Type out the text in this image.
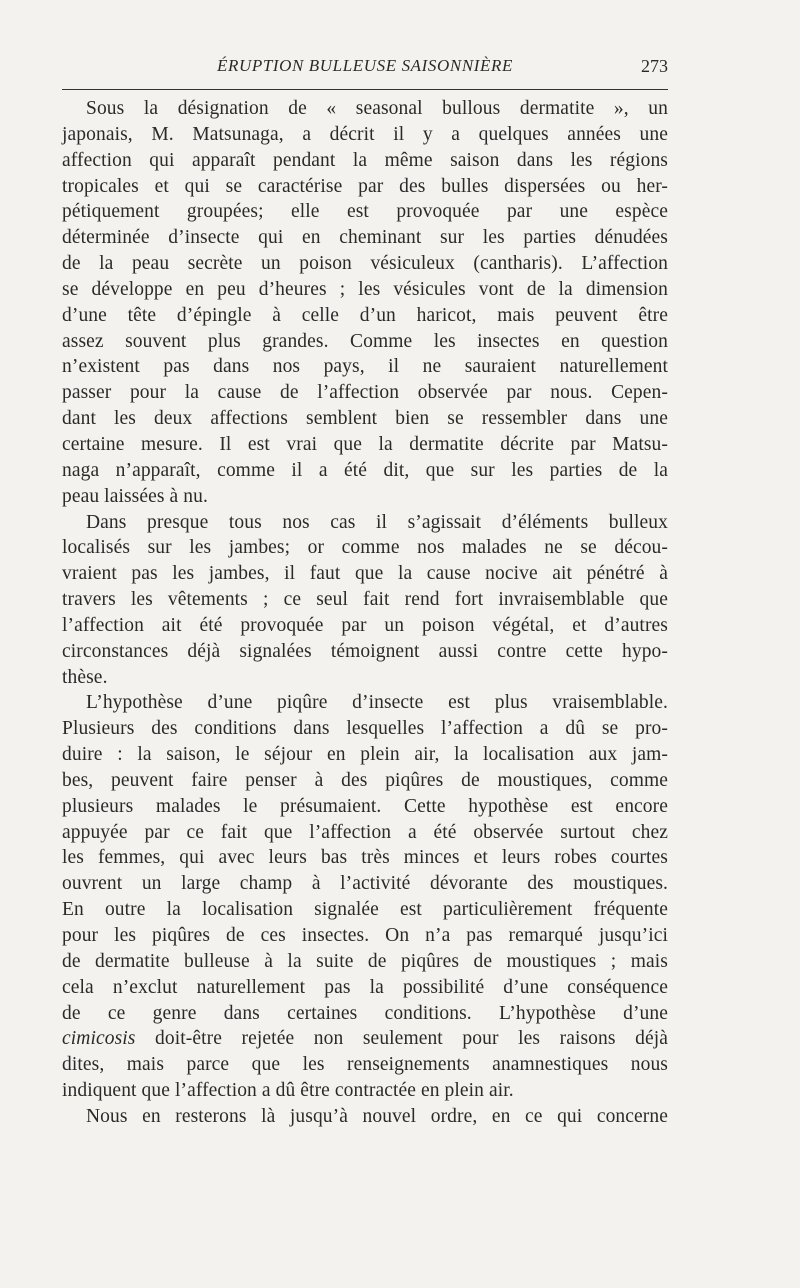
ÉRUPTION BULLEUSE SAISONNIÈRE	273
Sous la désignation de « seasonal bullous dermatite », un
japonais, M. Matsunaga, a décrit il y a quelques années une
affection qui apparaît pendant la même saison dans les régions
tropicales et qui se caractérise par des bulles dispersées ou her-
pétiquement groupées; elle est provoquée par une espèce
déterminée d’insecte qui en cheminant sur les parties dénudées
de la peau secrète un poison vésiculeux (cantharis). L’affection
se développe en peu d’heures ; les vésicules vont de la dimension
d’une tête d’épingle à celle d’un haricot, mais peuvent être
assez souvent plus grandes. Comme les insectes en question
n’existent pas dans nos pays, il ne sauraient naturellement
passer pour la cause de l’affection observée par nous. Cepen-
dant les deux affections semblent bien se ressembler dans une
certaine mesure. Il est vrai que la dermatite décrite par Matsu-
naga n’apparaît, comme il a été dit, que sur les parties de la
peau laissées à nu.
Dans presque tous nos cas il s’agissait d’éléments bulleux
localisés sur les jambes; or comme nos malades ne se décou-
vraient pas les jambes, il faut que la cause nocive ait pénétré à
travers les vêtements ; ce seul fait rend fort invraisemblable que
l’affection ait été provoquée par un poison végétal, et d’autres
circonstances déjà signalées témoignent aussi contre cette hypo-
thèse.
L’hypothèse d’une piqûre d’insecte est plus vraisemblable.
Plusieurs des conditions dans lesquelles l’affection a dû se pro-
duire : la saison, le séjour en plein air, la localisation aux jam-
bes, peuvent faire penser à des piqûres de moustiques, comme
plusieurs malades le présumaient. Cette hypothèse est encore
appuyée par ce fait que l’affection a été observée surtout chez
les femmes, qui avec leurs bas très minces et leurs robes courtes
ouvrent un large champ à l’activité dévorante des moustiques.
En outre la localisation signalée est particulièrement fréquente
pour les piqûres de ces insectes. On n’a pas remarqué jusqu’ici
de dermatite bulleuse à la suite de piqûres de moustiques ; mais
cela n’exclut naturellement pas la possibilité d’une conséquence
de ce genre dans certaines conditions. L’hypothèse d’une
cimicosis doit-être rejetée non seulement pour les raisons déjà
dites, mais parce que les renseignements anamnestiques nous
indiquent que l’affection a dû être contractée en plein air.
Nous en resterons là jusqu’à nouvel ordre, en ce qui concerne
